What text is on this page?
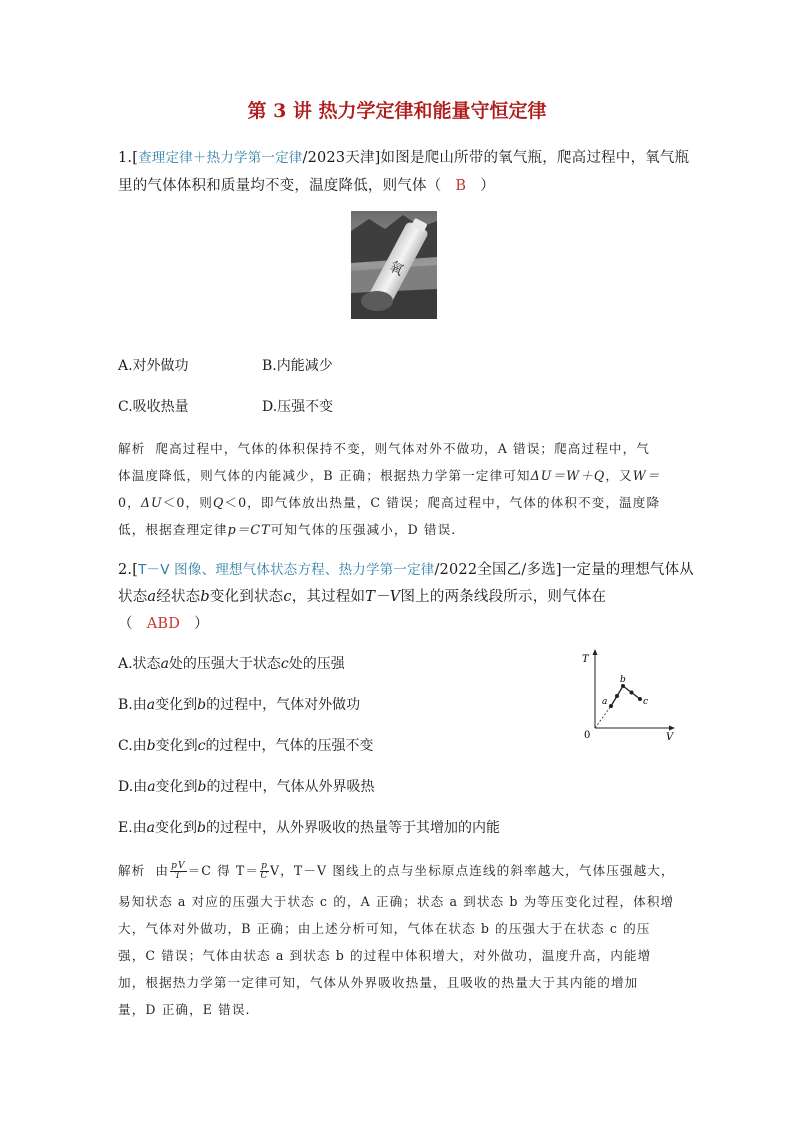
第 3 讲 热力学定律和能量守恒定律
1.[查理定律＋热力学第一定律/2023天津]如图是爬山所带的氧气瓶，爬高过程中，氧气瓶
里的气体体积和质量均不变，温度降低，则气体（ B ）
氧
A.对外做功	B.内能减少
C.吸收热量	D.压强不变
解析 爬高过程中，气体的体积保持不变，则气体对外不做功，A 错误；爬高过程中，气
体温度降低，则气体的内能减少，B 正确；根据热力学第一定律可知ΔU＝W＋Q，又W＝
0，ΔU＜0，则Q＜0，即气体放出热量，C 错误；爬高过程中，气体的体积不变，温度降
低，根据查理定律p＝CT可知气体的压强减小，D 错误.
2.[T－V 图像、理想气体状态方程、热力学第一定律/2022全国乙/多选]一定量的理想气体从
状态a经状态b变化到状态c，其过程如T－V图上的两条线段所示，则气体在
（ ABD ）
A.状态a处的压强大于状态c处的压强
B.由a变化到b的过程中，气体对外做功
C.由b变化到c的过程中，气体的压强不变
D.由a变化到b的过程中，气体从外界吸热
E.由a变化到b的过程中，从外界吸收的热量等于其增加的内能
T
V
0
a
b
c
解析 由 $\frac{pV}{T} =C$ 得 $T= \frac{p}{C}$ V，T－V 图线上的点与坐标原点连线的斜率越大，气体压强越大，
易知状态 a 对应的压强大于状态 c 的，A 正确；状态 a 到状态 b 为等压变化过程，体积增
大，气体对外做功，B 正确；由上述分析可知，气体在状态 b 的压强大于在状态 c 的压
强，C 错误；气体由状态 a 到状态 b 的过程中体积增大，对外做功，温度升高，内能增
加，根据热力学第一定律可知，气体从外界吸收热量，且吸收的热量大于其内能的增加
量，D 正确，E 错误.
